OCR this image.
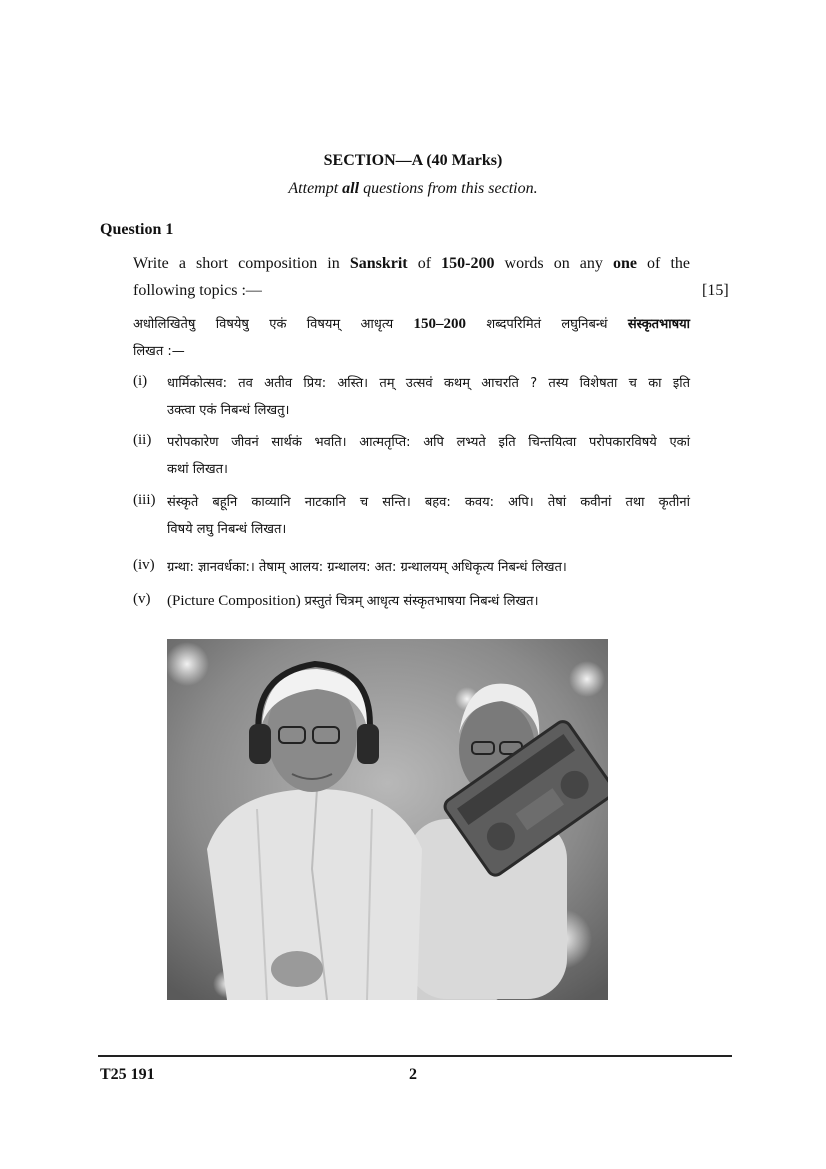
SECTION—A (40 Marks)
Attempt all questions from this section.
Question 1
Write a short composition in Sanskrit of 150-200 words on any one of the
following topics :—	[15]
अधोलिखितेषु विषयेषु एकं विषयम् आधृत्य 150–200 शब्दपरिमितं लघुनिबन्धं संस्कृतभाषया
लिखत :—
(i) धार्मिकोत्सव: तव अतीव प्रिय: अस्ति। तम् उत्सवं कथम् आचरति ? तस्य विशेषता च का इति
उक्त्वा एकं निबन्धं लिखतु।
(ii) परोपकारेण जीवनं सार्थकं भवति। आत्मतृप्ति: अपि लभ्यते इति चिन्तयित्वा परोपकारविषये एकां
कथां लिखत।
(iii) संस्कृते बहूनि काव्यानि नाटकानि च सन्ति। बहव: कवय: अपि। तेषां कवीनां तथा कृतीनां
विषये लघु निबन्धं लिखत।
(iv) ग्रन्था: ज्ञानवर्धका:। तेषाम् आलय: ग्रन्थालय: अत: ग्रन्थालयम् अधिकृत्य निबन्धं लिखत।
(v) (Picture Composition) प्रस्तुतं चित्रम् आधृत्य संस्कृतभाषया निबन्धं लिखत।
T25 191	2
